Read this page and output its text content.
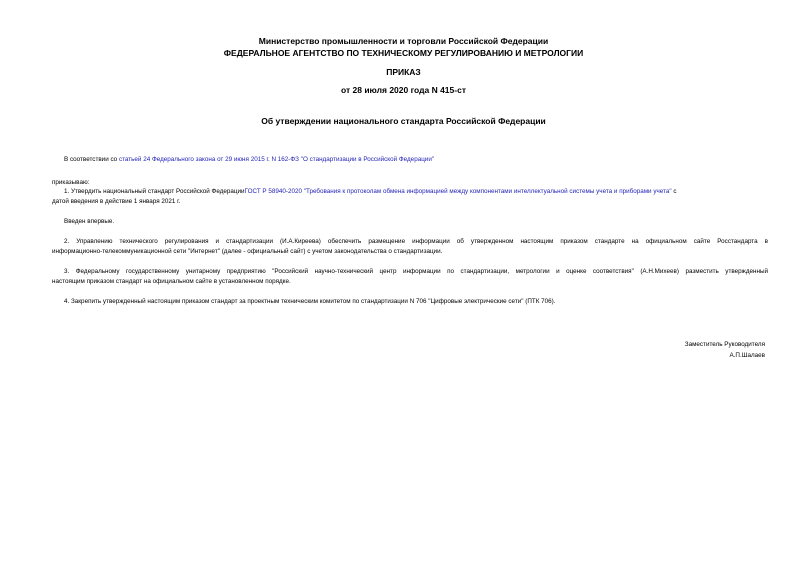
Министерство промышленности и торговли Российской Федерации
ФЕДЕРАЛЬНОЕ АГЕНТСТВО ПО ТЕХНИЧЕСКОМУ РЕГУЛИРОВАНИЮ И МЕТРОЛОГИИ
ПРИКАЗ
от 28 июля 2020 года N 415-ст
Об утверждении национального стандарта Российской Федерации
В соответствии со статьей 24 Федерального закона от 29 июня 2015 г. N 162-ФЗ "О стандартизации в Российской Федерации"
приказываю:
1. Утвердить национальный стандарт Российской ФедерацииГОСТ Р 58940-2020 "Требования к протоколам обмена информацией между компонентами интеллектуальной системы учета и приборами учета" с
датой введения в действие 1 января 2021 г.
Введен впервые.
2. Управлению технического регулирования и стандартизации (И.А.Киреева) обеспечить размещение информации об утвержденном настоящим приказом стандарте на официальном сайте Росстандарта в
информационно-телекоммуникационной сети "Интернет" (далее - официальный сайт) с учетом законодательства о стандартизации.
3. Федеральному государственному унитарному предприятию "Российский научно-технический центр информации по стандартизации, метрологии и оценке соответствия" (А.Н.Михеев) разместить утвержденный
настоящим приказом стандарт на официальном сайте в установленном порядке.
4. Закрепить утвержденный настоящим приказом стандарт за проектным техническим комитетом по стандартизации N 706 "Цифровые электрические сети" (ПТК 706).
Заместитель Руководителя
А.П.Шалаев
